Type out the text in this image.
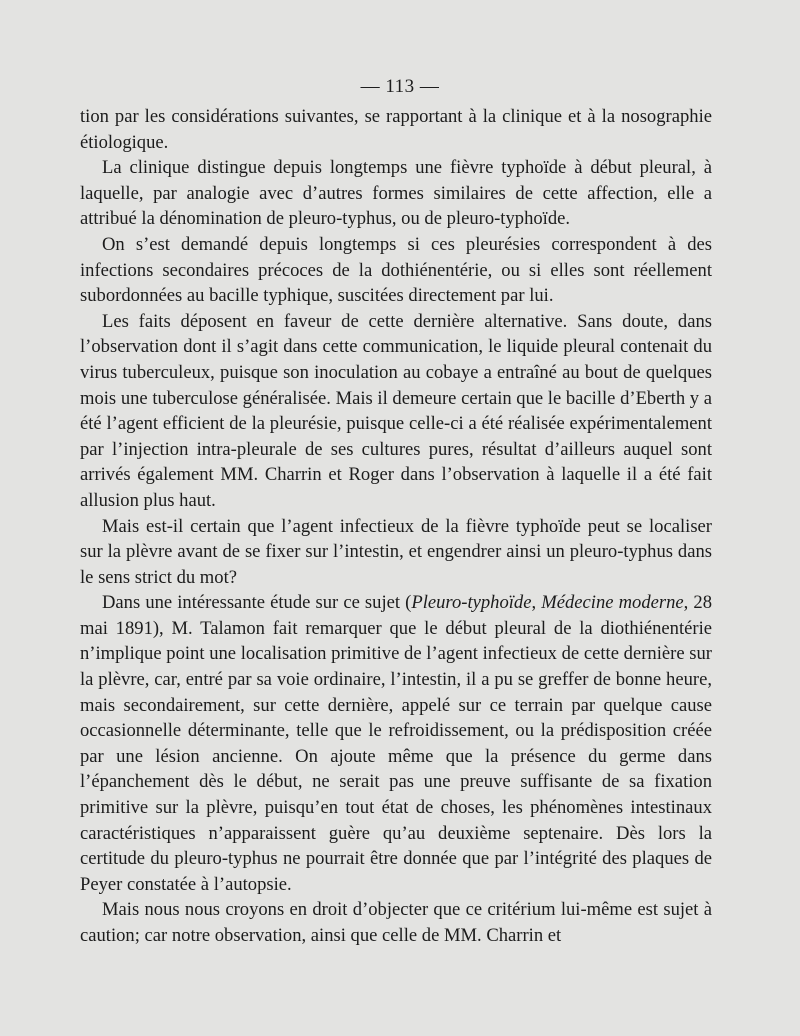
— 113 —

tion par les considérations suivantes, se rapportant à la clinique et à la nosographie étiologique.

La clinique distingue depuis longtemps une fièvre typhoïde à début pleural, à laquelle, par analogie avec d’autres formes similaires de cette affection, elle a attribué la dénomination de pleuro-typhus, ou de pleuro-typhoïde.

On s’est demandé depuis longtemps si ces pleurésies correspondent à des infections secondaires précoces de la dothiénentérie, ou si elles sont réellement subordonnées au bacille typhique, suscitées directement par lui.

Les faits déposent en faveur de cette dernière alternative. Sans doute, dans l’observation dont il s’agit dans cette communication, le liquide pleural contenait du virus tuberculeux, puisque son inoculation au cobaye a entraîné au bout de quelques mois une tuberculose généralisée. Mais il demeure certain que le bacille d’Eberth y a été l’agent efficient de la pleurésie, puisque celle-ci a été réalisée expérimentalement par l’injection intra-pleurale de ses cultures pures, résultat d’ailleurs auquel sont arrivés également MM. Charrin et Roger dans l’observation à laquelle il a été fait allusion plus haut.

Mais est-il certain que l’agent infectieux de la fièvre typhoïde peut se localiser sur la plèvre avant de se fixer sur l’intestin, et engendrer ainsi un pleuro-typhus dans le sens strict du mot?

Dans une intéressante étude sur ce sujet (Pleuro-typhoïde, Médecine moderne, 28 mai 1891), M. Talamon fait remarquer que le début pleural de la diothiénentérie n’implique point une localisation primitive de l’agent infectieux de cette dernière sur la plèvre, car, entré par sa voie ordinaire, l’intestin, il a pu se greffer de bonne heure, mais secondairement, sur cette dernière, appelé sur ce terrain par quelque cause occasionnelle déterminante, telle que le refroidissement, ou la prédisposition créée par une lésion ancienne. On ajoute même que la présence du germe dans l’épanchement dès le début, ne serait pas une preuve suffisante de sa fixation primitive sur la plèvre, puisqu’en tout état de choses, les phénomènes intestinaux caractéristiques n’apparaissent guère qu’au deuxième septenaire. Dès lors la certitude du pleuro-typhus ne pourrait être donnée que par l’intégrité des plaques de Peyer constatée à l’autopsie.

Mais nous nous croyons en droit d’objecter que ce critérium lui-même est sujet à caution; car notre observation, ainsi que celle de MM. Charrin et
